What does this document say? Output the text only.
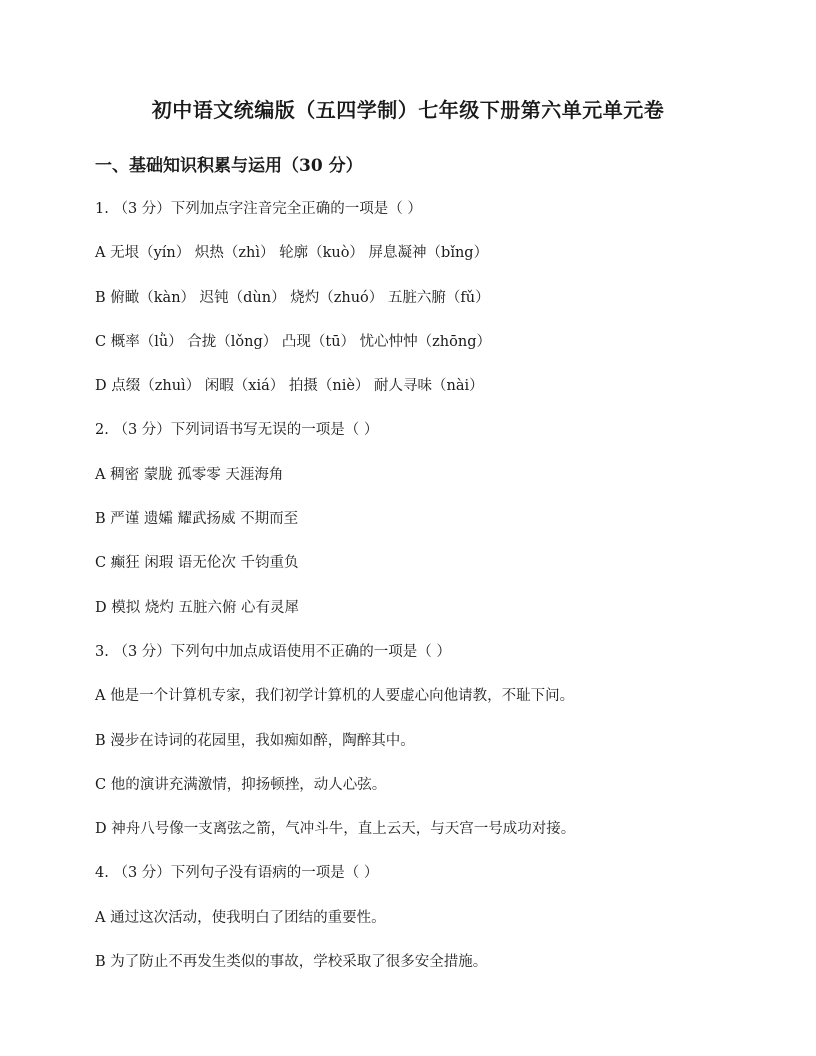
初中语文统编版（五四学制）七年级下册第六单元单元卷
一、基础知识积累与运用（30 分）
1. （3 分）下列加点字注音完全正确的一项是（ ）
A 无垠（yín） 炽热（zhì） 轮廓（kuò） 屏息凝神（bǐng）
B 俯瞰（kàn） 迟钝（dùn） 烧灼（zhuó） 五脏六腑（fǔ）
C 概率（lǜ） 合拢（lǒng） 凸现（tū） 忧心忡忡（zhōng）
D 点缀（zhuì） 闲暇（xiá） 拍摄（niè） 耐人寻味（nài）
2. （3 分）下列词语书写无误的一项是（ ）
A 稠密 蒙胧 孤零零 天涯海角
B 严谨 遗孀 耀武扬威 不期而至
C 癫狂 闲瑕 语无伦次 千钧重负
D 模拟 烧灼 五脏六俯 心有灵犀
3. （3 分）下列句中加点成语使用不正确的一项是（ ）
A 他是一个计算机专家，我们初学计算机的人要虚心向他请教，不耻下问。
B 漫步在诗词的花园里，我如痴如醉，陶醉其中。
C 他的演讲充满激情，抑扬顿挫，动人心弦。
D 神舟八号像一支离弦之箭，气冲斗牛，直上云天，与天宫一号成功对接。
4. （3 分）下列句子没有语病的一项是（ ）
A 通过这次活动，使我明白了团结的重要性。
B 为了防止不再发生类似的事故，学校采取了很多安全措施。
